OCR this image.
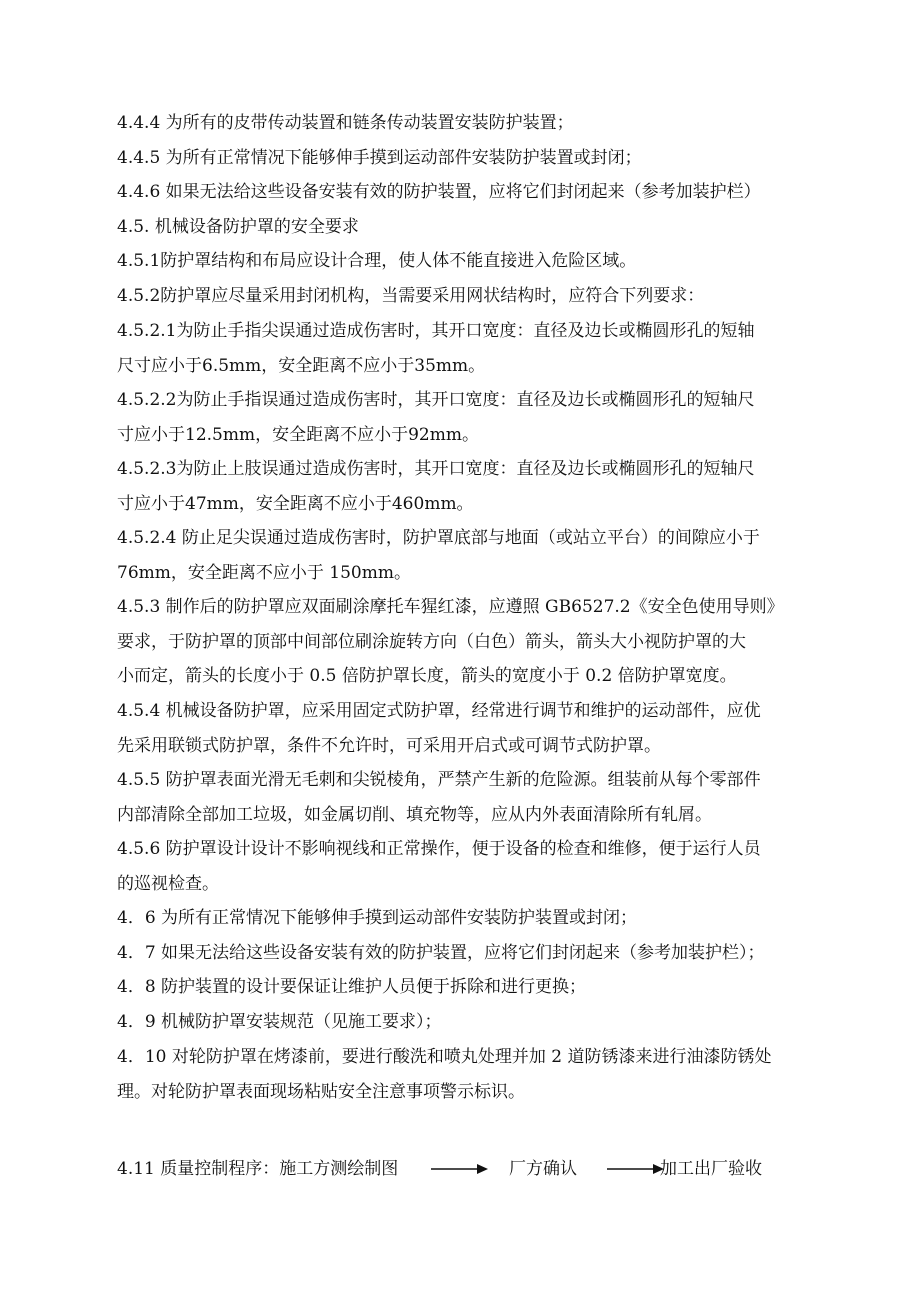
4.4.4 为所有的皮带传动装置和链条传动装置安装防护装置；
4.4.5 为所有正常情况下能够伸手摸到运动部件安装防护装置或封闭；
4.4.6 如果无法给这些设备安装有效的防护装置，应将它们封闭起来（参考加装护栏）
4.5. 机械设备防护罩的安全要求
4.5.1防护罩结构和布局应设计合理，使人体不能直接进入危险区域。
4.5.2防护罩应尽量采用封闭机构，当需要采用网状结构时，应符合下列要求：
4.5.2.1为防止手指尖误通过造成伤害时，其开口宽度：直径及边长或椭圆形孔的短轴
尺寸应小于6.5mm，安全距离不应小于35mm。
4.5.2.2为防止手指误通过造成伤害时，其开口宽度：直径及边长或椭圆形孔的短轴尺
寸应小于12.5mm，安全距离不应小于92mm。
4.5.2.3为防止上肢误通过造成伤害时，其开口宽度：直径及边长或椭圆形孔的短轴尺
寸应小于47mm，安全距离不应小于460mm。
4.5.2.4 防止足尖误通过造成伤害时，防护罩底部与地面（或站立平台）的间隙应小于
76mm，安全距离不应小于 150mm。
4.5.3 制作后的防护罩应双面刷涂摩托车猩红漆，应遵照 GB6527.2《安全色使用导则》
要求，于防护罩的顶部中间部位刷涂旋转方向（白色）箭头，箭头大小视防护罩的大
小而定，箭头的长度小于 0.5 倍防护罩长度，箭头的宽度小于 0.2 倍防护罩宽度。
4.5.4 机械设备防护罩，应采用固定式防护罩，经常进行调节和维护的运动部件，应优
先采用联锁式防护罩，条件不允许时，可采用开启式或可调节式防护罩。
4.5.5 防护罩表面光滑无毛刺和尖锐棱角，严禁产生新的危险源。组装前从每个零部件
内部清除全部加工垃圾，如金属切削、填充物等，应从内外表面清除所有轧屑。
4.5.6 防护罩设计设计不影响视线和正常操作，便于设备的检查和维修，便于运行人员
的巡视检查。
4．6 为所有正常情况下能够伸手摸到运动部件安装防护装置或封闭；
4．7 如果无法给这些设备安装有效的防护装置，应将它们封闭起来（参考加装护栏）；
4．8 防护装置的设计要保证让维护人员便于拆除和进行更换；
4．9 机械防护罩安装规范（见施工要求）；
4．10 对轮防护罩在烤漆前，要进行酸洗和喷丸处理并加 2 道防锈漆来进行油漆防锈处
理。对轮防护罩表面现场粘贴安全注意事项警示标识。
4.11 质量控制程序：施工方测绘制图	厂方确认	加工出厂验收
